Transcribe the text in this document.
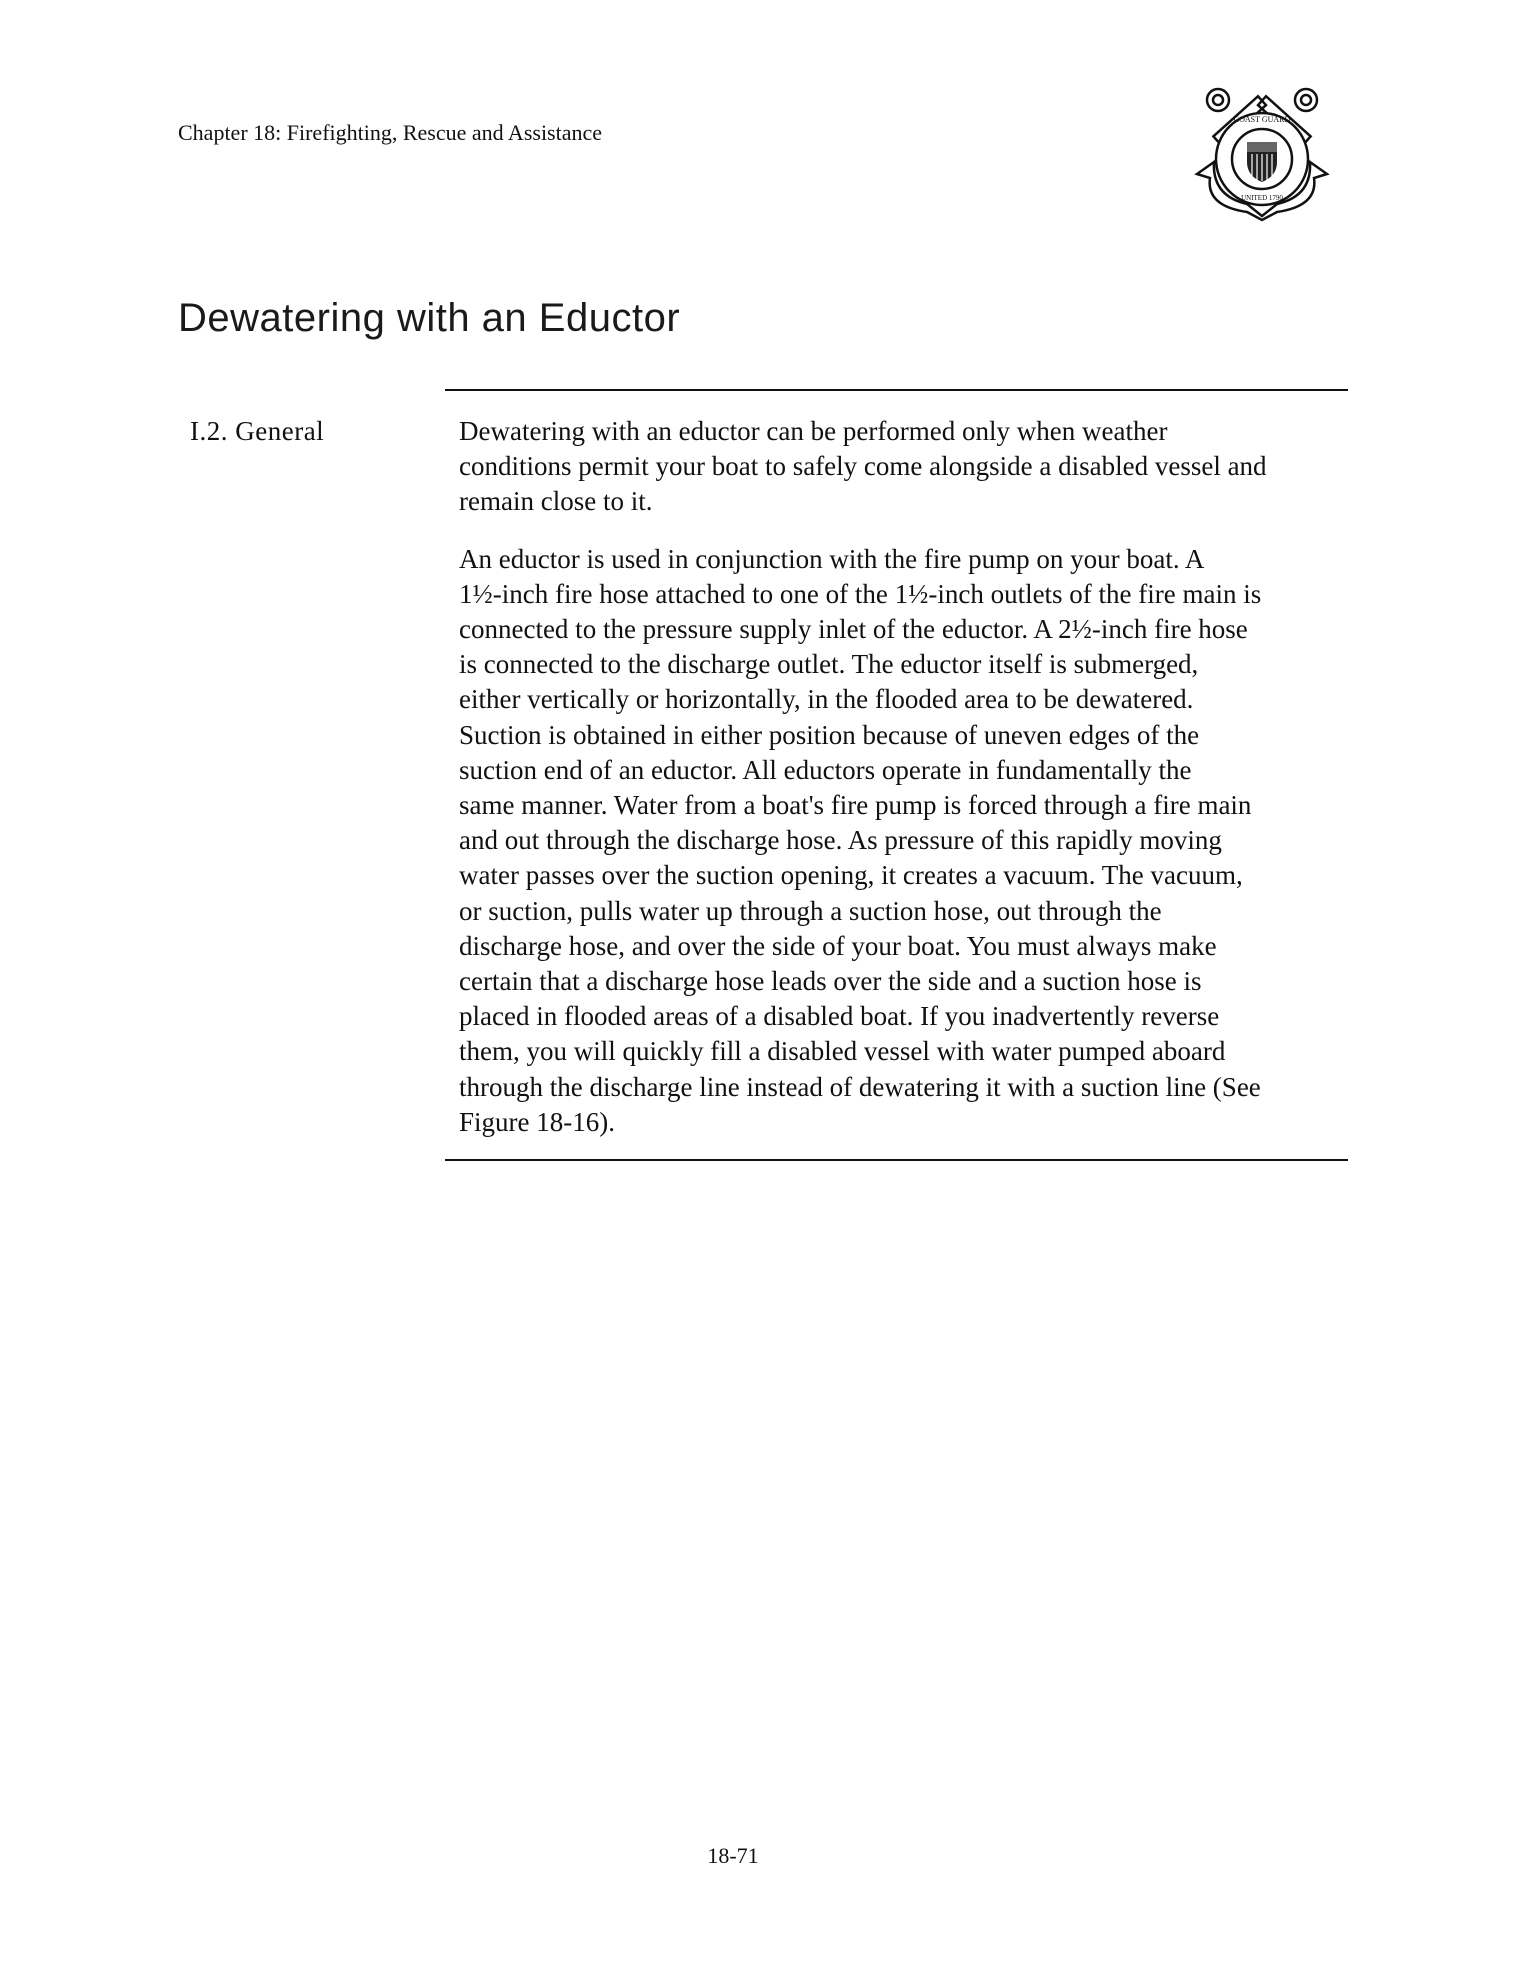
Chapter 18: Firefighting, Rescue and Assistance
COAST GUARD
UNITED 1790
Dewatering with an Eductor
I.2. General	Dewatering with an eductor can be performed only when weather
conditions permit your boat to safely come alongside a disabled vessel and
remain close to it.

An eductor is used in conjunction with the fire pump on your boat. A
1½-inch fire hose attached to one of the 1½-inch outlets of the fire main is
connected to the pressure supply inlet of the eductor. A 2½-inch fire hose
is connected to the discharge outlet. The eductor itself is submerged,
either vertically or horizontally, in the flooded area to be dewatered.
Suction is obtained in either position because of uneven edges of the
suction end of an eductor. All eductors operate in fundamentally the
same manner. Water from a boat's fire pump is forced through a fire main
and out through the discharge hose. As pressure of this rapidly moving
water passes over the suction opening, it creates a vacuum. The vacuum,
or suction, pulls water up through a suction hose, out through the
discharge hose, and over the side of your boat. You must always make
certain that a discharge hose leads over the side and a suction hose is
placed in flooded areas of a disabled boat. If you inadvertently reverse
them, you will quickly fill a disabled vessel with water pumped aboard
through the discharge line instead of dewatering it with a suction line (See
Figure 18-16).

18-71
